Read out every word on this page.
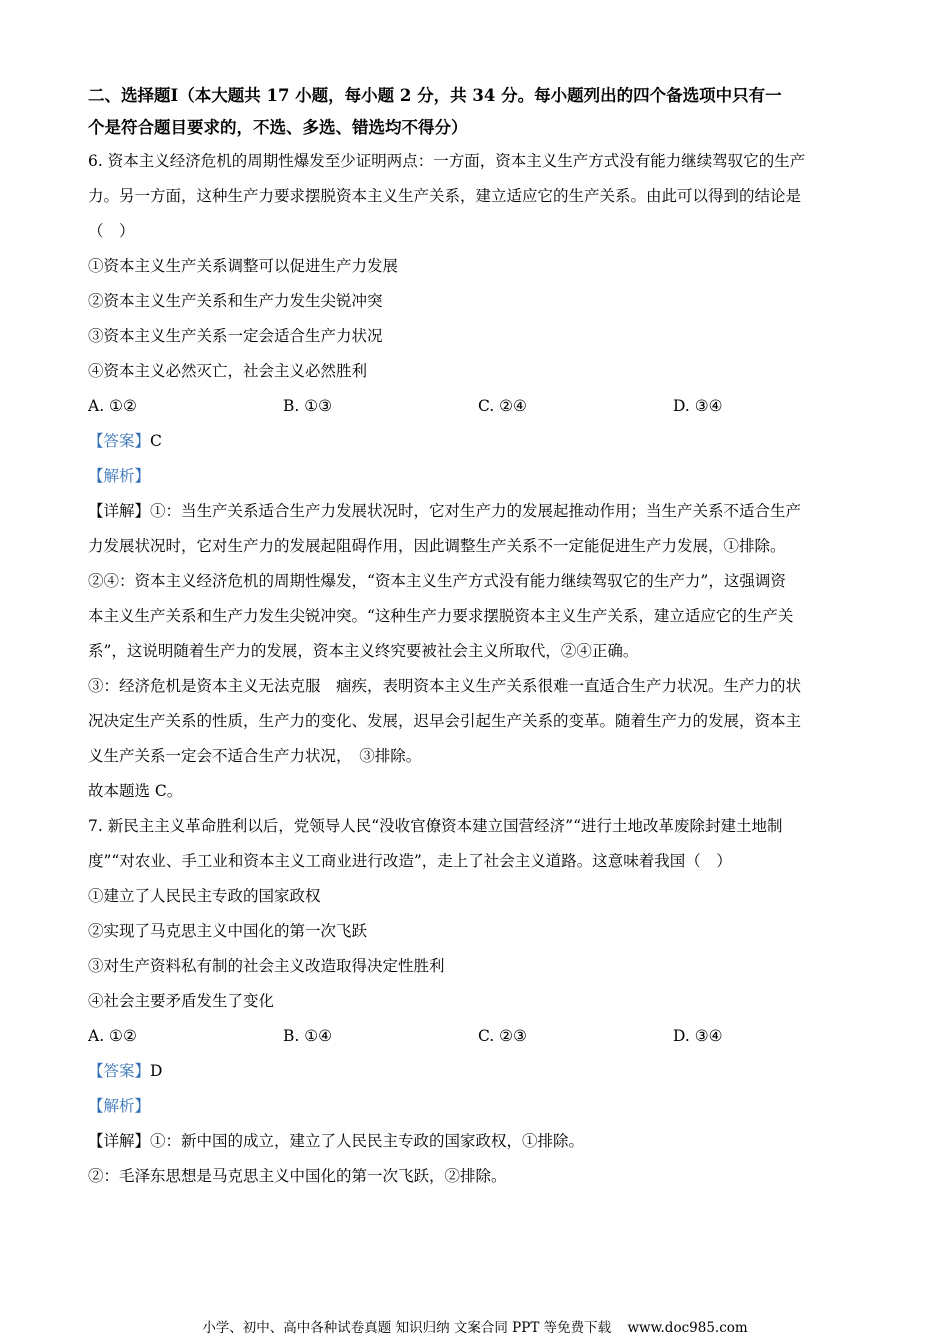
二、选择题Ⅰ（本大题共 17 小题，每小题 2 分，共 34 分。每小题列出的四个备选项中只有一
个是符合题目要求的，不选、多选、错选均不得分）
6. 资本主义经济危机的周期性爆发至少证明两点：一方面，资本主义生产方式没有能力继续驾驭它的生产
力。另一方面，这种生产力要求摆脱资本主义生产关系，建立适应它的生产关系。由此可以得到的结论是
（　）
①资本主义生产关系调整可以促进生产力发展
②资本主义生产关系和生产力发生尖锐冲突
③资本主义生产关系一定会适合生产力状况
④资本主义必然灭亡，社会主义必然胜利
A. ①②	B. ①③	C. ②④	D. ③④
【答案】C
【解析】
【详解】①：当生产关系适合生产力发展状况时，它对生产力的发展起推动作用；当生产关系不适合生产
力发展状况时，它对生产力的发展起阻碍作用，因此调整生产关系不一定能促进生产力发展，①排除。
②④：资本主义经济危机的周期性爆发，“资本主义生产方式没有能力继续驾驭它的生产力”，这强调资
本主义生产关系和生产力发生尖锐冲突。“这种生产力要求摆脱资本主义生产关系，建立适应它的生产关
系”，这说明随着生产力的发展，资本主义终究要被社会主义所取代，②④正确。
③：经济危机是资本主义无法克服　痼疾，表明资本主义生产关系很难一直适合生产力状况。生产力的状
况决定生产关系的性质，生产力的变化、发展，迟早会引起生产关系的变革。随着生产力的发展，资本主
义生产关系一定会不适合生产力状况，　③排除。
故本题选 C。
7. 新民主主义革命胜利以后，党领导人民“没收官僚资本建立国营经济”“进行土地改革废除封建土地制
度”“对农业、手工业和资本主义工商业进行改造”，走上了社会主义道路。这意味着我国（　）
①建立了人民民主专政的国家政权
②实现了马克思主义中国化的第一次飞跃
③对生产资料私有制的社会主义改造取得决定性胜利
④社会主要矛盾发生了变化
A. ①②	B. ①④	C. ②③	D. ③④
【答案】D
【解析】
【详解】①：新中国的成立，建立了人民民主专政的国家政权，①排除。
②：毛泽东思想是马克思主义中国化的第一次飞跃，②排除。
小学、初中、高中各种试卷真题 知识归纳 文案合同 PPT 等免费下载 www.doc985.com
